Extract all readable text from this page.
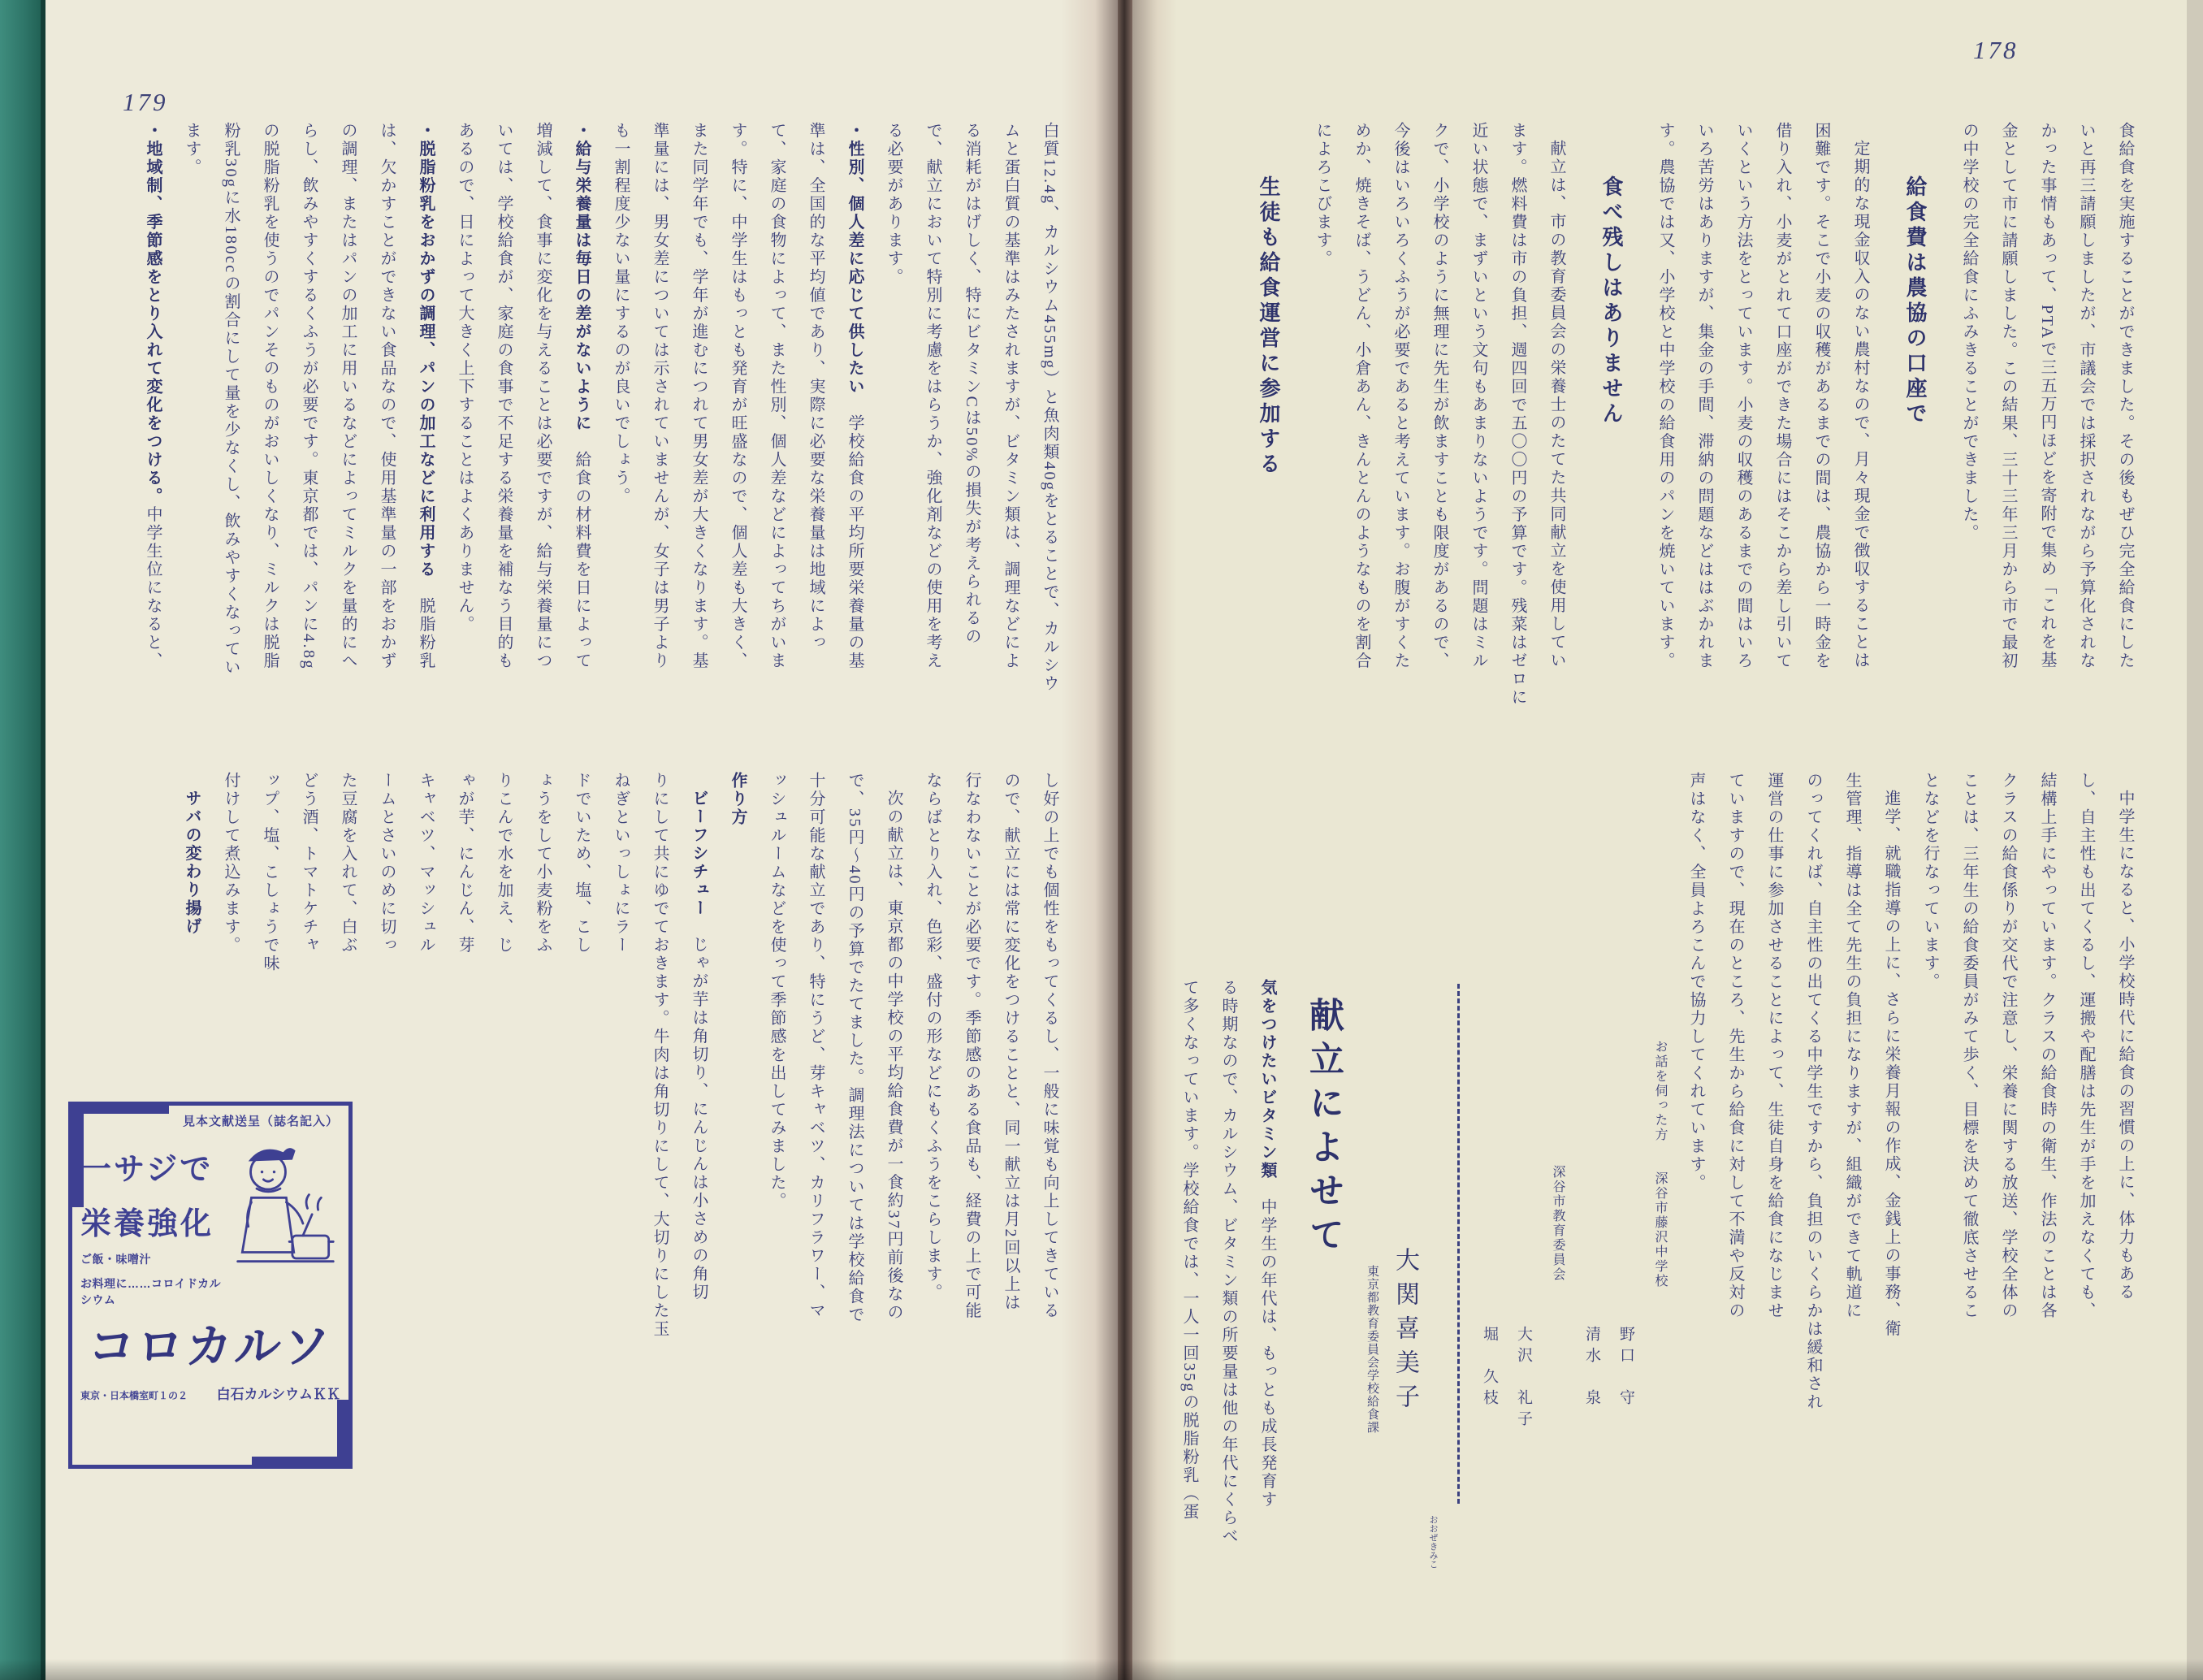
179
白質12.4g、カルシウム455mg）と魚肉類40gをとることで、カルシウ
ムと蛋白質の基準はみたされますが、ビタミン類は、調理などによ
る消耗がはげしく、特にビタミンCは50%の損失が考えられるの
で、献立において特別に考慮をはらうか、強化剤などの使用を考え
る必要があります。
・性別、個人差に応じて供したい　学校給食の平均所要栄養量の基
準は、全国的な平均値であり、実際に必要な栄養量は地域によっ
て、家庭の食物によって、また性別、個人差などによってちがいま
す。特に、中学生はもっとも発育が旺盛なので、個人差も大きく、
また同学年でも、学年が進むにつれて男女差が大きくなります。基
準量には、男女差については示されていませんが、女子は男子より
も一割程度少ない量にするのが良いでしょう。
・給与栄養量は毎日の差がないように　給食の材料費を日によって
増減して、食事に変化を与えることは必要ですが、給与栄養量につ
いては、学校給食が、家庭の食事で不足する栄養量を補なう目的も
あるので、日によって大きく上下することはよくありません。
・脱脂粉乳をおかずの調理、パンの加工などに利用する　脱脂粉乳
は、欠かすことができない食品なので、使用基準量の一部をおかず
の調理、またはパンの加工に用いるなどによってミルクを量的にへ
らし、飲みやすくするくふうが必要です。東京都では、パンに4.8g
の脱脂粉乳を使うのでパンそのものがおいしくなり、ミルクは脱脂
粉乳30gに水180ccの割合にして量を少なくし、飲みやすくなってい
ます。
・地域制、季節感をとり入れて変化をつける。中学生位になると、
し好の上でも個性をもってくるし、一般に味覚も向上してきている
ので、献立には常に変化をつけることと、同一献立は月2回以上は
行なわないことが必要です。季節感のある食品も、経費の上で可能
ならばとり入れ、色彩、盛付の形などにもくふうをこらします。
次の献立は、東京都の中学校の平均給食費が一食約37円前後なの
で、35円～40円の予算でたてました。調理法については学校給食で
十分可能な献立であり、特にうど、芽キャベツ、カリフラワー、マ
ッシュルームなどを使って季節感を出してみました。
作り方
ビーフシチュー　じゃが芋は角切り、にんじんは小さめの角切
りにして共にゆでておきます。牛肉は角切りにして、大切りにした玉
ねぎといっしょにラー
ドでいため、塩、こし
ょうをして小麦粉をふ
りこんで水を加え、じ
ゃが芋、にんじん、芽
キャベツ、マッシュル
ームとさいのめに切っ
た豆腐を入れて、白ぶ
どう酒、トマトケチャ
ップ、塩、こしょうで味
付けして煮込みます。
サバの変わり揚げ
見本文献送呈（誌名記入）
一サジで
栄養強化
ご飯・味噌汁
お料理に……コロイドカルシウム
コロカルソ
東京・日本橋室町１の２ 白石カルシウムＫＫ
178
食給食を実施することができました。その後もぜひ完全給食にした
いと再三請願しましたが、市議会では採択されながら予算化されな
かった事情もあって、PTAで三五万円ほどを寄附で集め「これを基
金として市に請願しました。この結果、三十三年三月から市で最初
の中学校の完全給食にふみきることができました。
給食費は農協の口座で
定期的な現金収入のない農村なので、月々現金で徴収することは
困難です。そこで小麦の収穫があるまでの間は、農協から一時金を
借り入れ、小麦がとれて口座ができた場合にはそこから差し引いて
いくという方法をとっています。小麦の収穫のあるまでの間はいろ
いろ苦労はありますが、集金の手間、滞納の問題などははぶかれま
す。農協では又、小学校と中学校の給食用のパンを焼いています。
食べ残しはありません
献立は、市の教育委員会の栄養士のたてた共同献立を使用してい
ます。燃料費は市の負担、週四回で五〇〇円の予算です。残菜はゼロに
近い状態で、まずいという文句もあまりないようです。問題はミル
クで、小学校のように無理に先生が飲ますことも限度があるので、
今後はいろいろくふうが必要であると考えています。お腹がすくた
めか、焼きそば、うどん、小倉あん、きんとんのようなものを割合
によろこびます。
生徒も給食運営に参加する
中学生になると、小学校時代に給食の習慣の上に、体力もある
し、自主性も出てくるし、運搬や配膳は先生が手を加えなくても、
結構上手にやっています。クラスの給食時の衛生、作法のことは各
クラスの給食係りが交代で注意し、栄養に関する放送、学校全体の
ことは、三年生の給食委員がみて歩く、目標を決めて徹底させるこ
となどを行なっています。
進学、就職指導の上に、さらに栄養月報の作成、金銭上の事務、衛
生管理、指導は全て先生の負担になりますが、組織ができて軌道に
のってくれば、自主性の出てくる中学生ですから、負担のいくらかは緩和され
運営の仕事に参加させることによって、生徒自身を給食になじませ
ていますので、現在のところ、先生から給食に対して不満や反対の
声はなく、全員よろこんで協力してくれています。
お話を伺った方　　深谷市藤沢中学校
野口　守
清水　泉
深谷市教育委員会
大沢　礼子
堀　久枝
おおぜきみこ
大関喜美子
東京都教育委員会学校給食課
献立によせて
気をつけたいビタミン類　中学生の年代は、もっとも成長発育す
る時期なので、カルシウム、ビタミン類の所要量は他の年代にくらべ
て多くなっています。学校給食では、一人一回35gの脱脂粉乳（蛋
